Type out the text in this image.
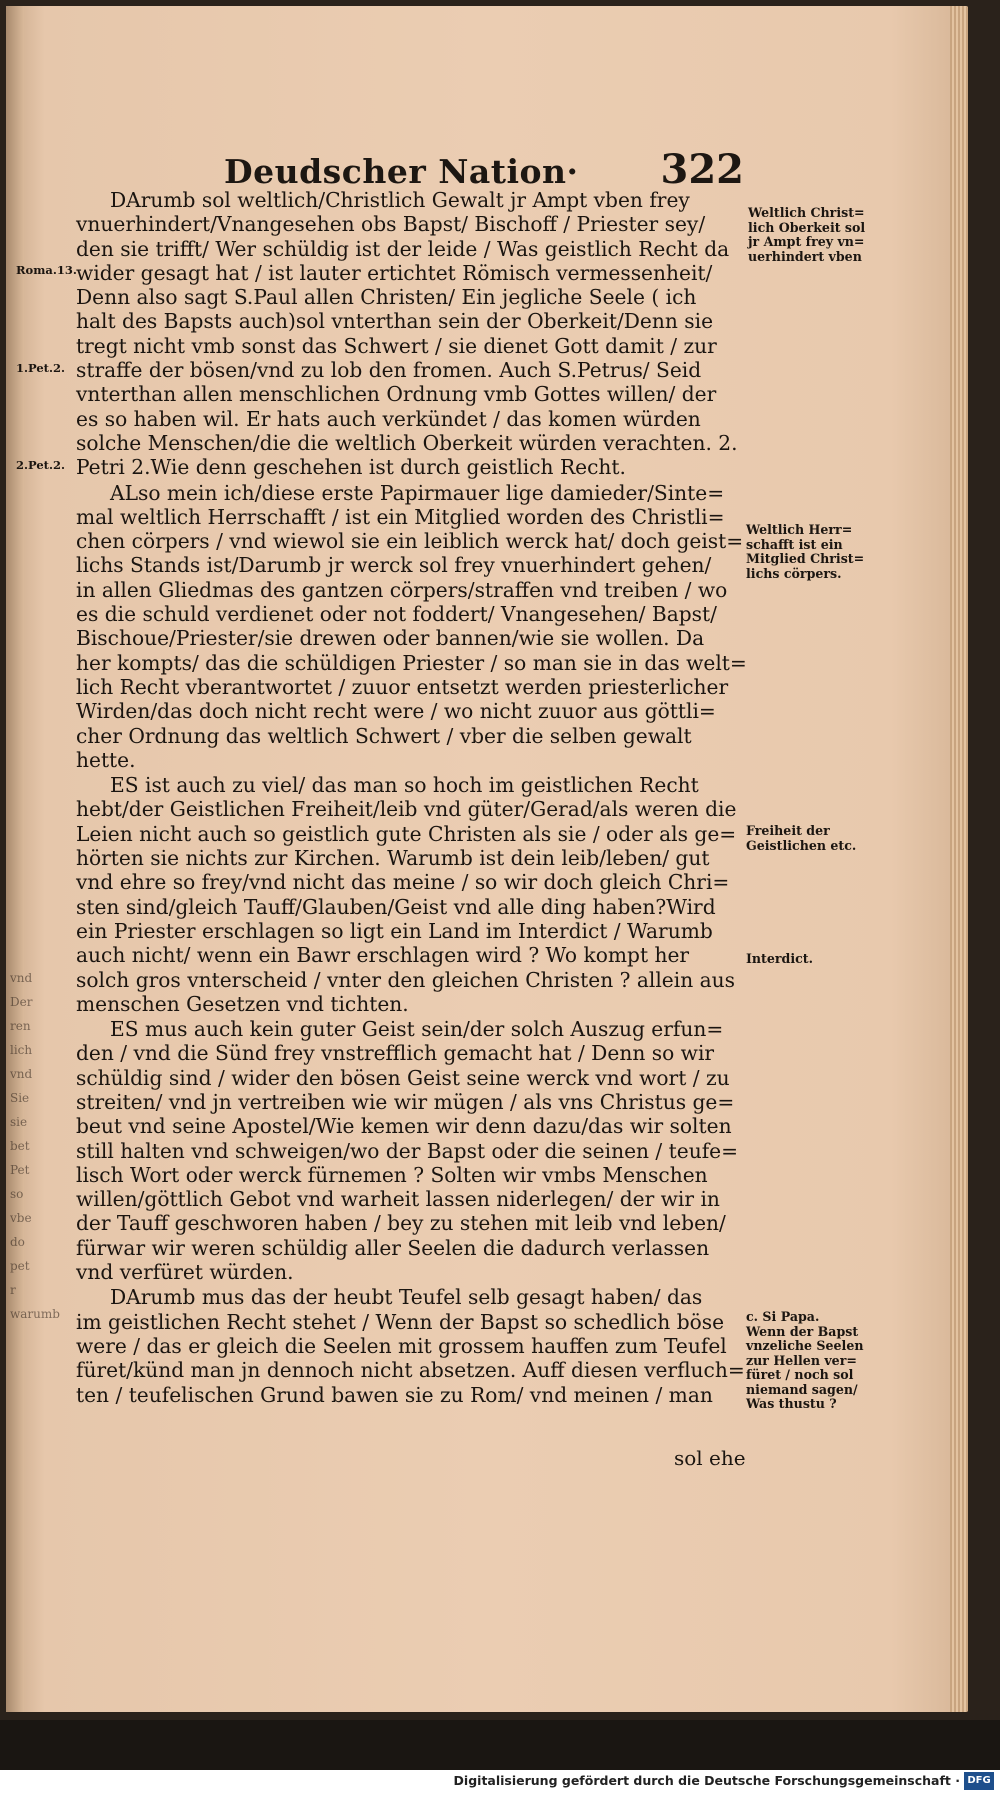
Deudscher Nation· 322
vnd
Der
ren
lich
vnd
Sie
sie
bet
Pet
so
vbe
do
pet
r
warumb
Roma.13.
1.Pet.2.
2.Pet.2.

DArumb sol weltlich/Christlich Gewalt jr Ampt vben frey
vnuerhindert/Vnangesehen obs Bapst/ Bischoff / Priester sey/
den sie trifft/ Wer schüldig ist der leide / Was geistlich Recht da
wider gesagt hat / ist lauter ertichtet Römisch vermessenheit/
Denn also sagt S.Paul allen Christen/ Ein jegliche Seele ( ich
halt des Bapsts auch)sol vnterthan sein der Oberkeit/Denn sie
tregt nicht vmb sonst das Schwert / sie dienet Gott damit / zur
straffe der bösen/vnd zu lob den fromen. Auch S.Petrus/ Seid
vnterthan allen menschlichen Ordnung vmb Gottes willen/ der
es so haben wil. Er hats auch verkündet / das komen würden
solche Menschen/die die weltlich Oberkeit würden verachten. 2.
Petri 2.Wie denn geschehen ist durch geistlich Recht.

ALso mein ich/diese erste Papirmauer lige damieder/Sinte=
mal weltlich Herrschafft / ist ein Mitglied worden des Christli=
chen cörpers / vnd wiewol sie ein leiblich werck hat/ doch geist=
lichs Stands ist/Darumb jr werck sol frey vnuerhindert gehen/
in allen Gliedmas des gantzen cörpers/straffen vnd treiben / wo
es die schuld verdienet oder not foddert/ Vnangesehen/ Bapst/
Bischoue/Priester/sie drewen oder bannen/wie sie wollen. Da
her kompts/ das die schüldigen Priester / so man sie in das welt=
lich Recht vberantwortet / zuuor entsetzt werden priesterlicher
Wirden/das doch nicht recht were / wo nicht zuuor aus göttli=
cher Ordnung das weltlich Schwert / vber die selben gewalt
hette.

ES ist auch zu viel/ das man so hoch im geistlichen Recht
hebt/der Geistlichen Freiheit/leib vnd güter/Gerad/als weren die
Leien nicht auch so geistlich gute Christen als sie / oder als ge=
hörten sie nichts zur Kirchen. Warumb ist dein leib/leben/ gut
vnd ehre so frey/vnd nicht das meine / so wir doch gleich Chri=
sten sind/gleich Tauff/Glauben/Geist vnd alle ding haben?Wird
ein Priester erschlagen so ligt ein Land im Interdict / Warumb
auch nicht/ wenn ein Bawr erschlagen wird ? Wo kompt her
solch gros vnterscheid / vnter den gleichen Christen ? allein aus
menschen Gesetzen vnd tichten.

ES mus auch kein guter Geist sein/der solch Auszug erfun=
den / vnd die Sünd frey vnstrefflich gemacht hat / Denn so wir
schüldig sind / wider den bösen Geist seine werck vnd wort / zu
streiten/ vnd jn vertreiben wie wir mügen / als vns Christus ge=
beut vnd seine Apostel/Wie kemen wir denn dazu/das wir solten
still halten vnd schweigen/wo der Bapst oder die seinen / teufe=
lisch Wort oder werck fürnemen ? Solten wir vmbs Menschen
willen/göttlich Gebot vnd warheit lassen niderlegen/ der wir in
der Tauff geschworen haben / bey zu stehen mit leib vnd leben/
fürwar wir weren schüldig aller Seelen die dadurch verlassen
vnd verfüret würden.

DArumb mus das der heubt Teufel selb gesagt haben/ das
im geistlichen Recht stehet / Wenn der Bapst so schedlich böse
were / das er gleich die Seelen mit grossem hauffen zum Teufel
füret/künd man jn dennoch nicht absetzen. Auff diesen verfluch=
ten / teufelischen Grund bawen sie zu Rom/ vnd meinen / man

Weltlich Christ=
lich Oberkeit sol
jr Ampt frey vn=
uerhindert vben
Weltlich Herr=
schafft ist ein
Mitglied Christ=
lichs cörpers.
Freiheit der
Geistlichen etc.
Interdict.
c. Si Papa.
Wenn der Bapst
vnzeliche Seelen
zur Hellen ver=
füret / noch sol
niemand sagen/
Was thustu ?
sol ehe
Digitalisierung gefördert durch die Deutsche Forschungsgemeinschaft · DFG
